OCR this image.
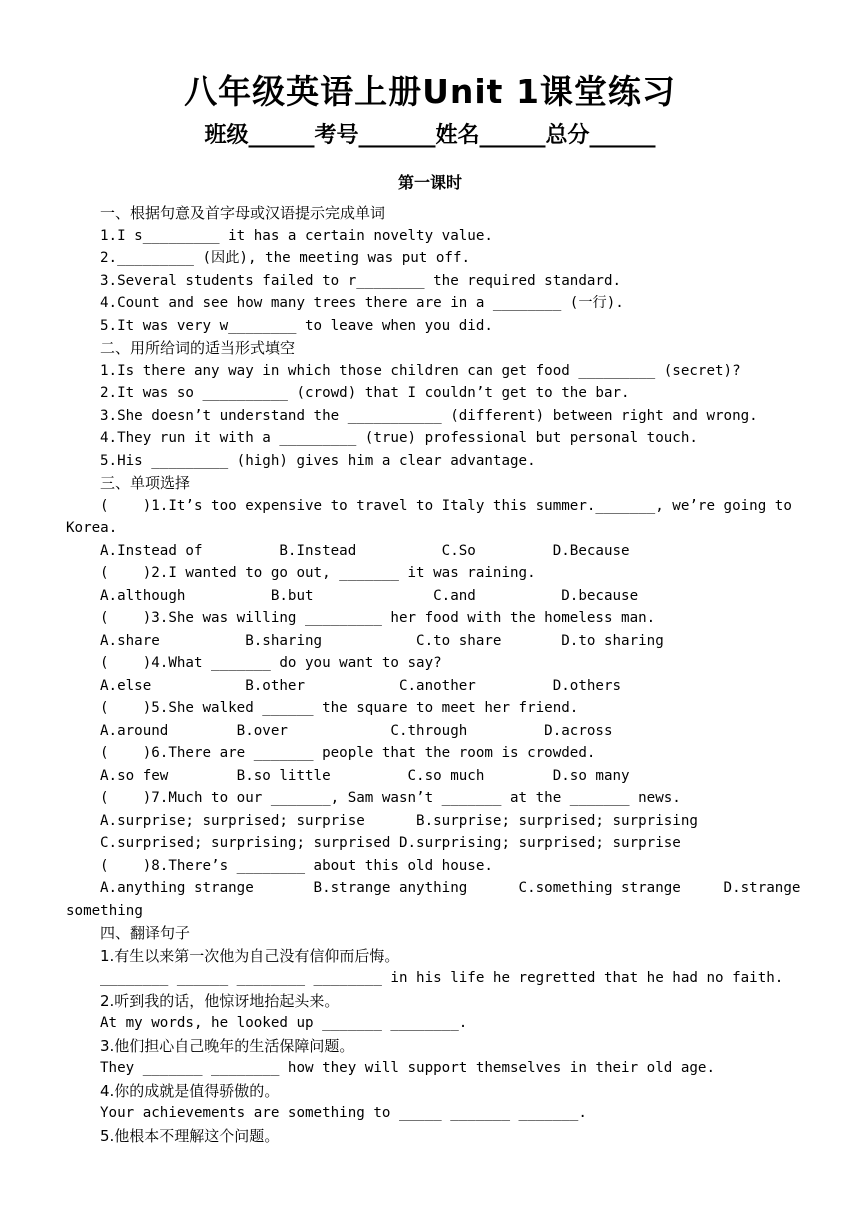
八年级英语上册Unit 1课堂练习
班级______考号_______姓名______总分______
第一课时
一、根据句意及首字母或汉语提示完成单词
1.I s_________ it has a certain novelty value.
2._________ (因此), the meeting was put off.
3.Several students failed to r________ the required standard.
4.Count and see how many trees there are in a ________ (一行).
5.It was very w________ to leave when you did.
二、用所给词的适当形式填空
1.Is there any way in which those children can get food _________ (secret)?
2.It was so __________ (crowd) that I couldn’t get to the bar.
3.She doesn’t understand the ___________ (different) between right and wrong.
4.They run it with a _________ (true) professional but personal touch.
5.His _________ (high) gives him a clear advantage.
三、单项选择
(    )1.It’s too expensive to travel to Italy this summer._______, we’re going to
Korea.
A.Instead of         B.Instead          C.So         D.Because
(    )2.I wanted to go out, _______ it was raining.
A.although          B.but              C.and          D.because
(    )3.She was willing _________ her food with the homeless man.
A.share          B.sharing           C.to share       D.to sharing
(    )4.What _______ do you want to say?
A.else           B.other           C.another         D.others
(    )5.She walked ______ the square to meet her friend.
A.around        B.over            C.through         D.across
(    )6.There are _______ people that the room is crowded.
A.so few        B.so little         C.so much        D.so many
(    )7.Much to our _______, Sam wasn’t _______ at the _______ news.
A.surprise; surprised; surprise      B.surprise; surprised; surprising
C.surprised; surprising; surprised D.surprising; surprised; surprise
(    )8.There’s ________ about this old house.
A.anything strange       B.strange anything      C.something strange     D.strange
something
四、翻译句子
1.有生以来第一次他为自己没有信仰而后悔。
________ ______ ________ ________ in his life he regretted that he had no faith.
2.听到我的话，他惊讶地抬起头来。
At my words, he looked up _______ ________.
3.他们担心自己晚年的生活保障问题。
They _______ ________ how they will support themselves in their old age.
4.你的成就是值得骄傲的。
Your achievements are something to _____ _______ _______.
5.他根本不理解这个问题。
